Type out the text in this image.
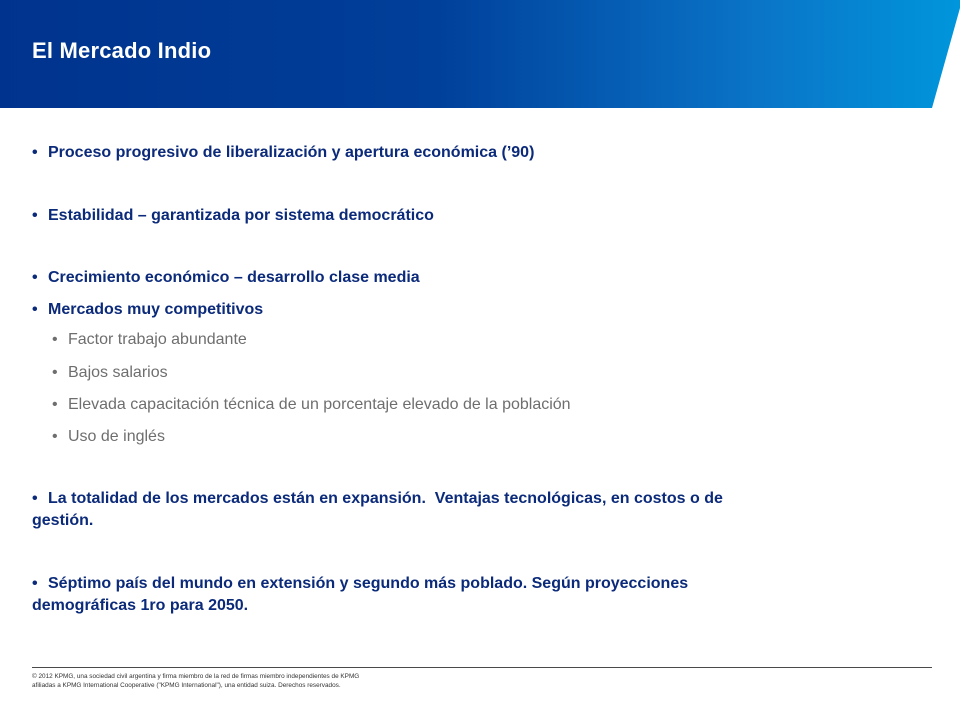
El Mercado Indio
• Proceso progresivo de liberalización y apertura económica (’90)
• Estabilidad – garantizada por sistema democrático
• Crecimiento económico – desarrollo clase media
• Mercados muy competitivos
• Factor trabajo abundante
• Bajos salarios
• Elevada capacitación técnica de un porcentaje elevado de la población
• Uso de inglés
• La totalidad de los mercados están en expansión.  Ventajas tecnológicas, en costos o de    gestión.
• Séptimo país del mundo en extensión y segundo más poblado. Según proyecciones demográficas 1ro para 2050.
© 2012 KPMG, una sociedad civil argentina y firma miembro de la red de firmas miembro independientes de KPMG afiliadas a KPMG International Cooperative ("KPMG International"), una entidad suiza. Derechos reservados.
